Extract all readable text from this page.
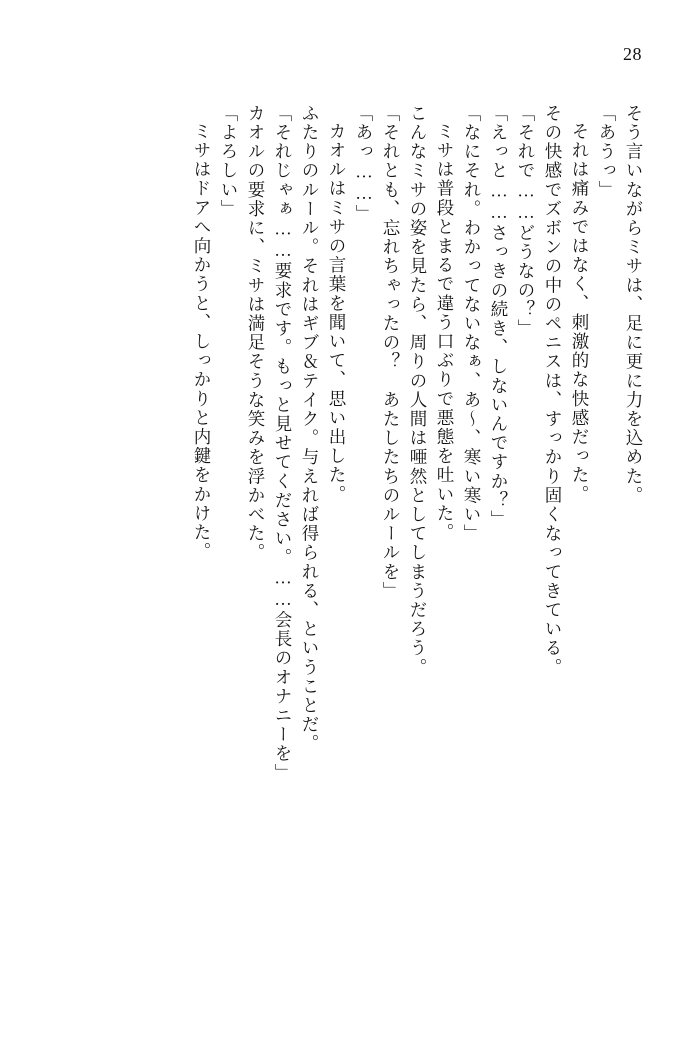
28
そう言いながらミサは、足に更に力を込めた。
「あうっ」
それは痛みではなく、刺激的な快感だった。
その快感でズボンの中のペニスは、すっかり固くなってきている。
「それで……どうなの？」
「えっと……さっきの続き、しないんですか？」
「なにそれ。わかってないなぁ、あ～、寒い寒い」
ミサは普段とまるで違う口ぶりで悪態を吐いた。
こんなミサの姿を見たら、周りの人間は唖然としてしまうだろう。
「それとも、忘れちゃったの？　あたしたちのルールを」
「あっ……」
カオルはミサの言葉を聞いて、思い出した。
ふたりのルール。それはギブ＆テイク。与えれば得られる、ということだ。
「それじゃぁ……要求です。もっと見せてください。……会長のオナニーを」
カオルの要求に、ミサは満足そうな笑みを浮かべた。
「よろしい」
ミサはドアへ向かうと、しっかりと内鍵をかけた。
